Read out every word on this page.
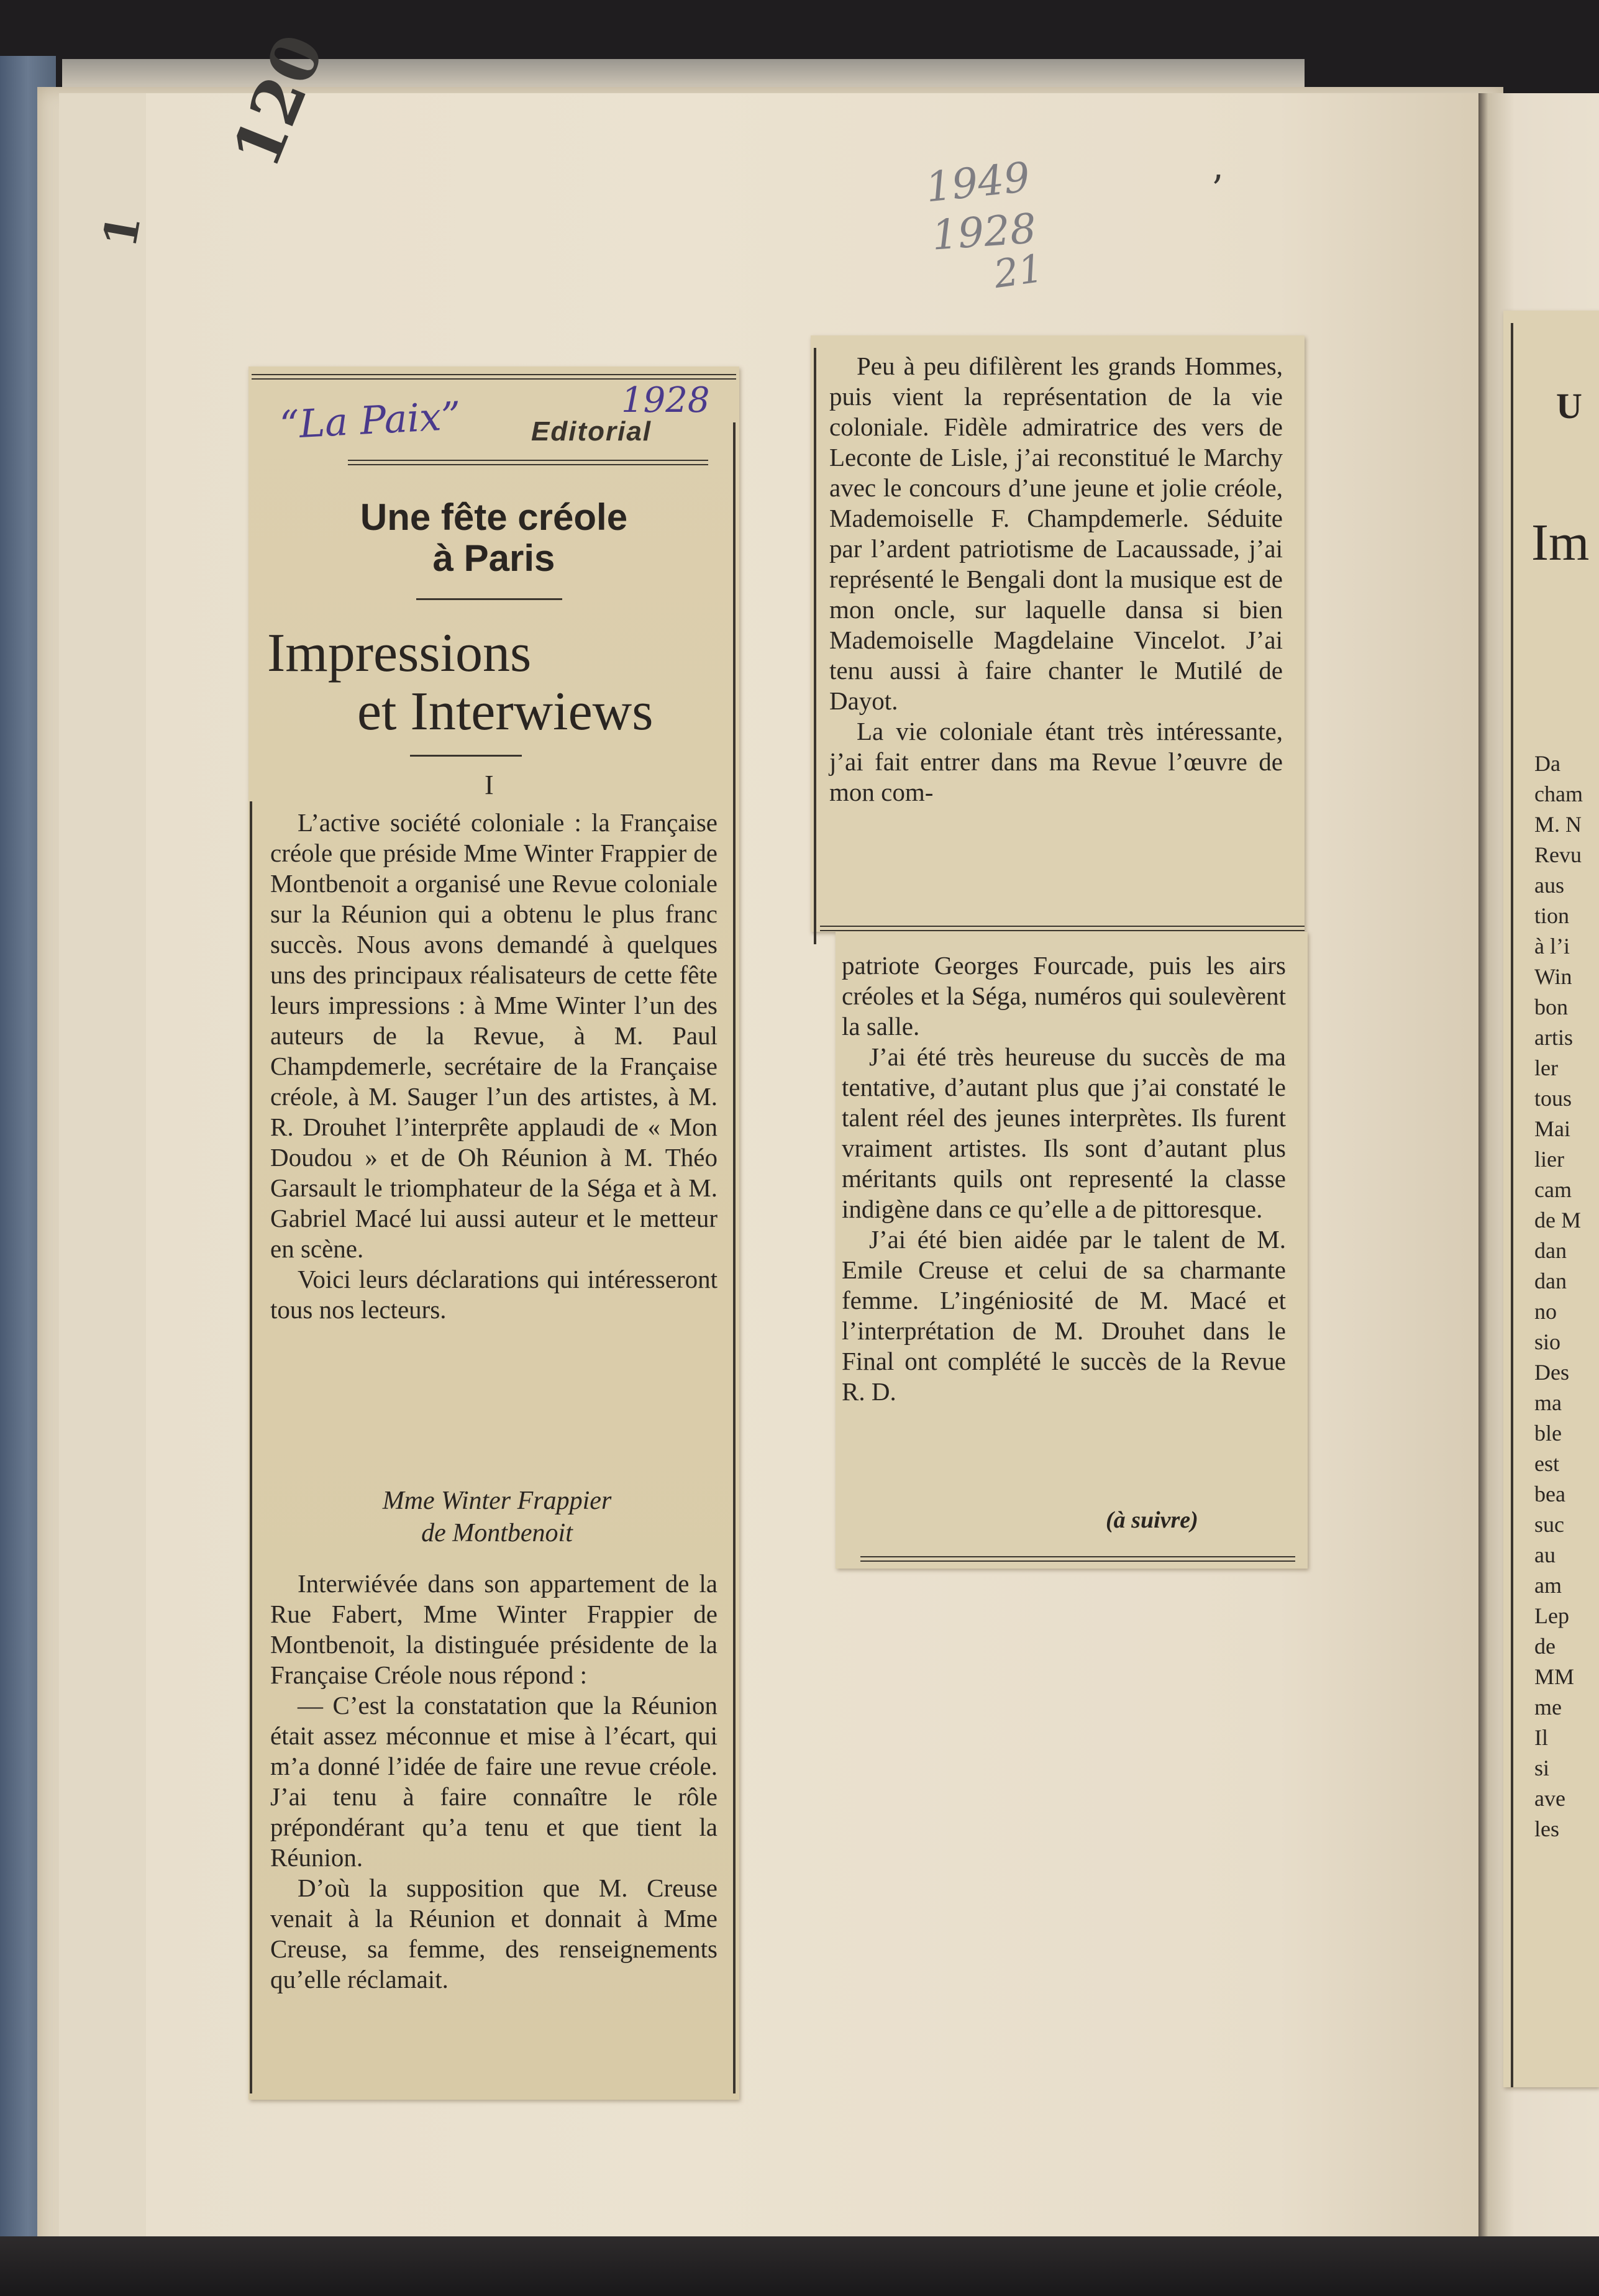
120
1
1949
1928
21
’
“La Paix”	1928
Editorial
Une fête créole
à Paris
Impressions
et Interwiews
I

L’active société coloniale : la Française créole que préside Mme Winter Frappier de Montbenoit a organisé une Revue coloniale sur la Réunion qui a obtenu le plus franc succès. Nous avons demandé à quelques uns des principaux réalisateurs de cette fête leurs impressions : à Mme Winter l’un des auteurs de la Revue, à M. Paul Champdemerle, secrétaire de la Française créole, à M. Sauger l’un des artistes, à M. R. Drouhet l’interprête applaudi de « Mon Doudou » et de Oh Réunion à M. Théo Garsault le triomphateur de la Séga et à M. Gabriel Macé lui aussi auteur et le metteur en scène.

Voici leurs déclarations qui intéresseront tous nos lecteurs.

Mme Winter Frappier
de Montbenoit

Interwiévée dans son appartement de la Rue Fabert, Mme Winter Frappier de Montbenoit, la distinguée présidente de la Française Créole nous répond :

— C’est la constatation que la Réunion était assez méconnue et mise à l’écart, qui m’a donné l’idée de faire une revue créole. J’ai tenu à faire connaître le rôle prépondérant qu’a tenu et que tient la Réunion.

D’où la supposition que M. Creuse venait à la Réunion et donnait à Mme Creuse, sa femme, des renseignements qu’elle réclamait.

Peu à peu difilèrent les grands Hommes, puis vient la représentation de la vie coloniale. Fidèle admiratrice des vers de Leconte de Lisle, j’ai reconstitué le Marchy avec le concours d’une jeune et jolie créole, Mademoiselle F. Champdemerle. Séduite par l’ardent patriotisme de Lacaussade, j’ai représenté le Bengali dont la musique est de mon oncle, sur laquelle dansa si bien Mademoiselle Magdelaine Vincelot. J’ai tenu aussi à faire chanter le Mutilé de Dayot.

La vie coloniale étant très intéressante, j’ai fait entrer dans ma Revue l’œuvre de mon com-

patriote Georges Fourcade, puis les airs créoles et la Séga, numéros qui soulevèrent la salle.

J’ai été très heureuse du succès de ma tentative, d’autant plus que j’ai constaté le talent réel des jeunes interprètes. Ils furent vraiment artistes. Ils sont d’autant plus méritants quils ont representé la classe indigène dans ce qu’elle a de pittoresque.

J’ai été bien aidée par le talent de M. Emile Creuse et celui de sa charmante femme. L’ingéniosité de M. Macé et l’interprétation de M. Drouhet dans le Final ont complété le succès de la Revue R. D.

(à suivre)
U
Im
Da
cham
M. N
Revu
aus
tion
à l’i
Win
bon
artis
ler
tous
Mai
lier
cam
de M
dan
dan
no
sio
Des
ma
ble
est
bea
suc
au
am
Lep
de
MM
me
Il
si
ave
les
